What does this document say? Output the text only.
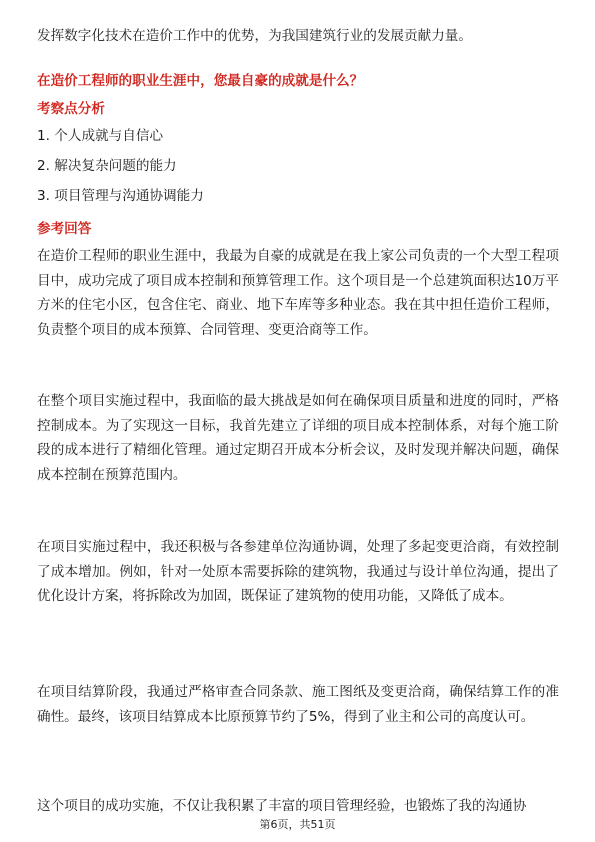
发挥数字化技术在造价工作中的优势，为我国建筑行业的发展贡献力量。
在造价工程师的职业生涯中，您最自豪的成就是什么？
考察点分析
1. 个人成就与自信心
2. 解决复杂问题的能力
3. 项目管理与沟通协调能力
参考回答

在造价工程师的职业生涯中，我最为自豪的成就是在我上家公司负责的一个大型工程项目中，成功完成了项目成本控制和预算管理工作。这个项目是一个总建筑面积达10万平方米的住宅小区，包含住宅、商业、地下车库等多种业态。我在其中担任造价工程师，负责整个项目的成本预算、合同管理、变更洽商等工作。

在整个项目实施过程中，我面临的最大挑战是如何在确保项目质量和进度的同时，严格控制成本。为了实现这一目标，我首先建立了详细的项目成本控制体系，对每个施工阶段的成本进行了精细化管理。通过定期召开成本分析会议，及时发现并解决问题，确保成本控制在预算范围内。

在项目实施过程中，我还积极与各参建单位沟通协调，处理了多起变更洽商，有效控制了成本增加。例如，针对一处原本需要拆除的建筑物，我通过与设计单位沟通，提出了优化设计方案，将拆除改为加固，既保证了建筑物的使用功能，又降低了成本。

在项目结算阶段，我通过严格审查合同条款、施工图纸及变更洽商，确保结算工作的准确性。最终，该项目结算成本比原预算节约了5%，得到了业主和公司的高度认可。

这个项目的成功实施，不仅让我积累了丰富的项目管理经验，也锻炼了我的沟通协

第6页，共51页
